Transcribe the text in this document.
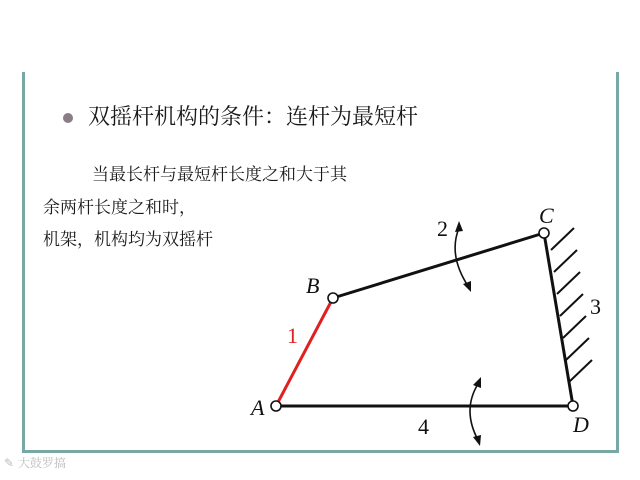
双摇杆机构的条件：连杆为最短杆
当最长杆与最短杆长度之和大于其
余两杆长度之和时，
机架，机构均为双摇杆
A
B
C
D
1
2
3
4
✎ 大鼓罗搞
